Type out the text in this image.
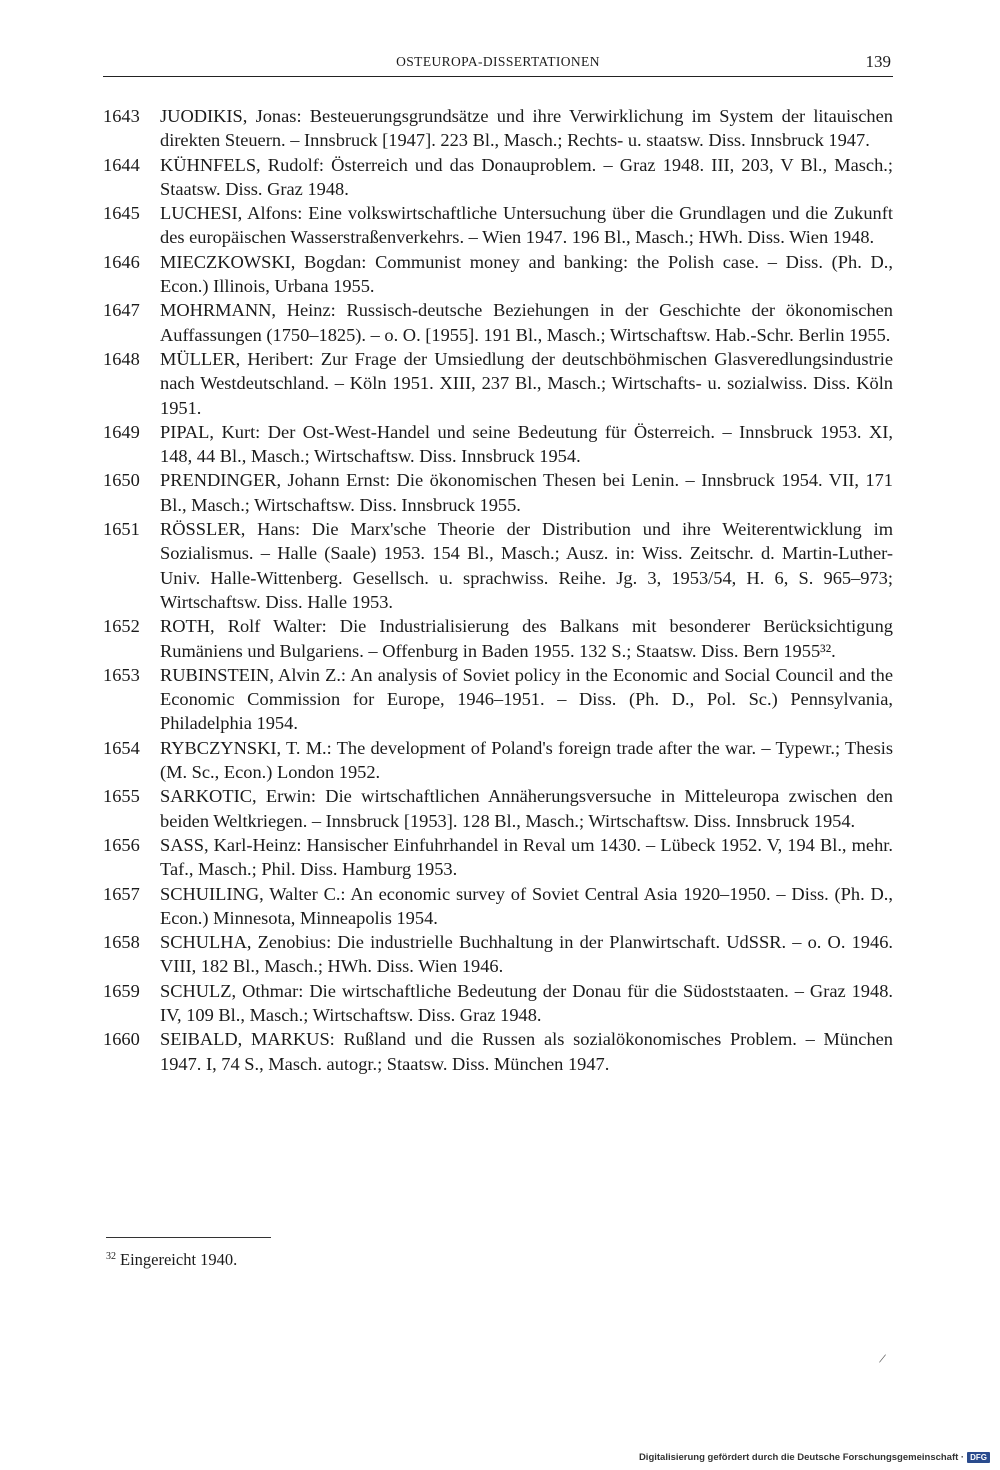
OSTEUROPA-DISSERTATIONEN	139
1643	JUODIKIS, Jonas: Besteuerungsgrundsätze und ihre Verwirklichung im System der litauischen direkten Steuern. – Innsbruck [1947]. 223 Bl., Masch.; Rechts- u. staatsw. Diss. Innsbruck 1947.
1644	KÜHNFELS, Rudolf: Österreich und das Donauproblem. – Graz 1948. III, 203, V Bl., Masch.; Staatsw. Diss. Graz 1948.
1645	LUCHESI, Alfons: Eine volkswirtschaftliche Untersuchung über die Grundlagen und die Zukunft des europäischen Wasserstraßenverkehrs. – Wien 1947. 196 Bl., Masch.; HWh. Diss. Wien 1948.
1646	MIECZKOWSKI, Bogdan: Communist money and banking: the Polish case. – Diss. (Ph. D., Econ.) Illinois, Urbana 1955.
1647	MOHRMANN, Heinz: Russisch-deutsche Beziehungen in der Geschichte der ökonomischen Auffassungen (1750–1825). – o. O. [1955]. 191 Bl., Masch.; Wirtschaftsw. Hab.-Schr. Berlin 1955.
1648	MÜLLER, Heribert: Zur Frage der Umsiedlung der deutschböhmischen Glasveredlungsindustrie nach Westdeutschland. – Köln 1951. XIII, 237 Bl., Masch.; Wirtschafts- u. sozialwiss. Diss. Köln 1951.
1649	PIPAL, Kurt: Der Ost-West-Handel und seine Bedeutung für Österreich. – Innsbruck 1953. XI, 148, 44 Bl., Masch.; Wirtschaftsw. Diss. Innsbruck 1954.
1650	PRENDINGER, Johann Ernst: Die ökonomischen Thesen bei Lenin. – Innsbruck 1954. VII, 171 Bl., Masch.; Wirtschaftsw. Diss. Innsbruck 1955.
1651	RÖSSLER, Hans: Die Marx'sche Theorie der Distribution und ihre Weiterentwicklung im Sozialismus. – Halle (Saale) 1953. 154 Bl., Masch.; Ausz. in: Wiss. Zeitschr. d. Martin-Luther-Univ. Halle-Wittenberg. Gesellsch. u. sprachwiss. Reihe. Jg. 3, 1953/54, H. 6, S. 965–973; Wirtschaftsw. Diss. Halle 1953.
1652	ROTH, Rolf Walter: Die Industrialisierung des Balkans mit besonderer Berücksichtigung Rumäniens und Bulgariens. – Offenburg in Baden 1955. 132 S.; Staatsw. Diss. Bern 1955³².
1653	RUBINSTEIN, Alvin Z.: An analysis of Soviet policy in the Economic and Social Council and the Economic Commission for Europe, 1946–1951. – Diss. (Ph. D., Pol. Sc.) Pennsylvania, Philadelphia 1954.
1654	RYBCZYNSKI, T. M.: The development of Poland's foreign trade after the war. – Typewr.; Thesis (M. Sc., Econ.) London 1952.
1655	SARKOTIC, Erwin: Die wirtschaftlichen Annäherungsversuche in Mitteleuropa zwischen den beiden Weltkriegen. – Innsbruck [1953]. 128 Bl., Masch.; Wirtschaftsw. Diss. Innsbruck 1954.
1656	SASS, Karl-Heinz: Hansischer Einfuhrhandel in Reval um 1430. – Lübeck 1952. V, 194 Bl., mehr. Taf., Masch.; Phil. Diss. Hamburg 1953.
1657	SCHUILING, Walter C.: An economic survey of Soviet Central Asia 1920–1950. – Diss. (Ph. D., Econ.) Minnesota, Minneapolis 1954.
1658	SCHULHA, Zenobius: Die industrielle Buchhaltung in der Planwirtschaft. UdSSR. – o. O. 1946. VIII, 182 Bl., Masch.; HWh. Diss. Wien 1946.
1659	SCHULZ, Othmar: Die wirtschaftliche Bedeutung der Donau für die Südoststaaten. – Graz 1948. IV, 109 Bl., Masch.; Wirtschaftsw. Diss. Graz 1948.
1660	SEIBALD, MARKUS: Rußland und die Russen als sozialökonomisches Problem. – München 1947. I, 74 S., Masch. autogr.; Staatsw. Diss. München 1947.
$^{32}$ Eingereicht 1940.
/
Digitalisierung gefördert durch die Deutsche Forschungsgemeinschaft · DFG
